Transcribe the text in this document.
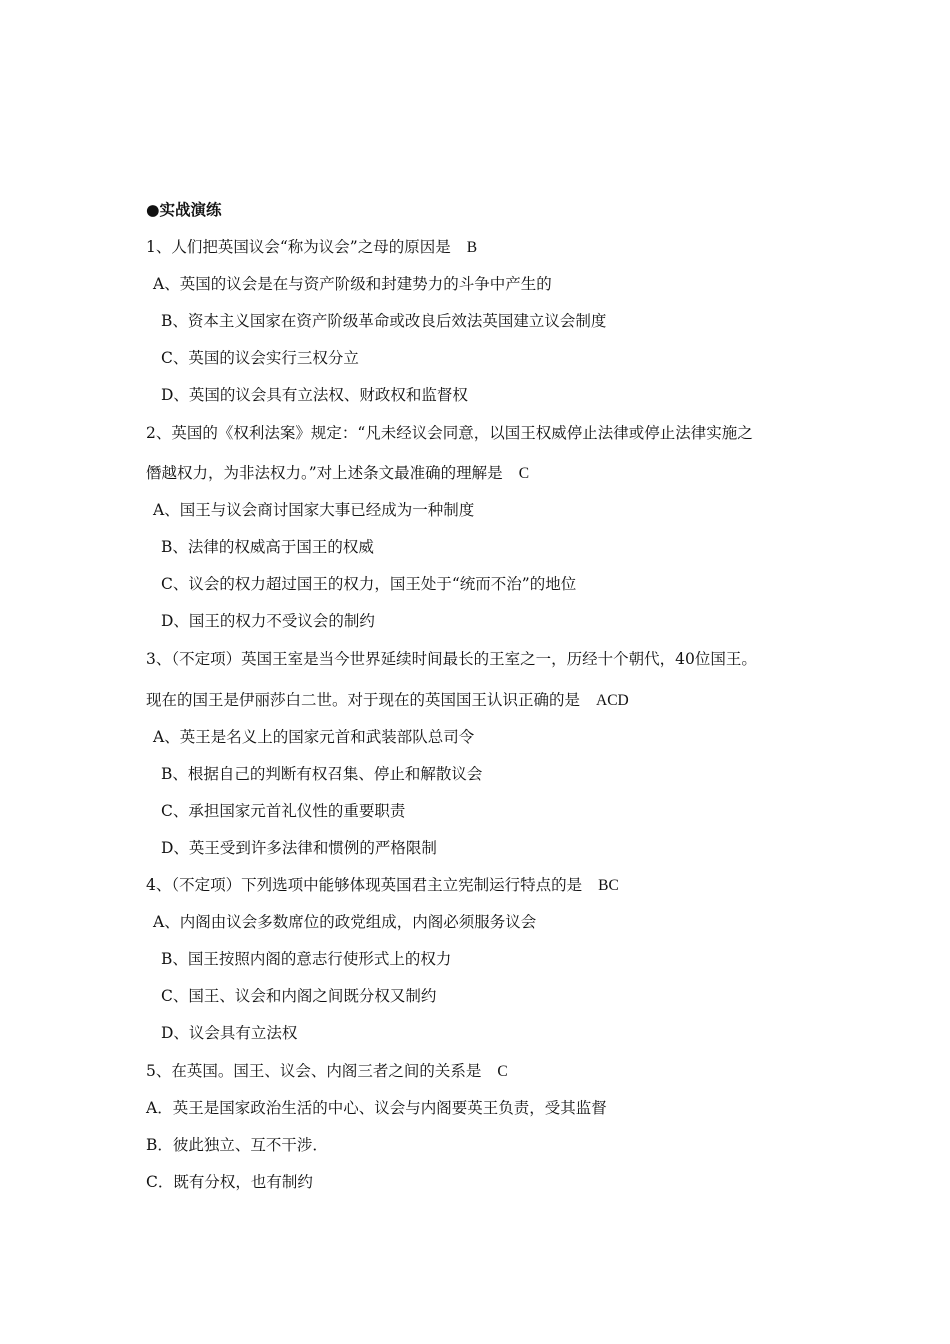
●实战演练
1、人们把英国议会“称为议会”之母的原因是 B
A、英国的议会是在与资产阶级和封建势力的斗争中产生的
B、资本主义国家在资产阶级革命或改良后效法英国建立议会制度
C、英国的议会实行三权分立
D、英国的议会具有立法权、财政权和监督权
2、英国的《权利法案》规定：“凡未经议会同意，以国王权威停止法律或停止法律实施之
僭越权力，为非法权力。”对上述条文最准确的理解是 C
A、国王与议会商讨国家大事已经成为一种制度
B、法律的权威高于国王的权威
C、议会的权力超过国王的权力，国王处于“统而不治”的地位
D、国王的权力不受议会的制约
3、（不定项）英国王室是当今世界延续时间最长的王室之一，历经十个朝代，40位国王。
现在的国王是伊丽莎白二世。对于现在的英国国王认识正确的是 ACD
A、英王是名义上的国家元首和武装部队总司令
B、根据自己的判断有权召集、停止和解散议会
C、承担国家元首礼仪性的重要职责
D、英王受到许多法律和惯例的严格限制
4、（不定项）下列选项中能够体现英国君主立宪制运行特点的是 BC
A、内阁由议会多数席位的政党组成，内阁必须服务议会
B、国王按照内阁的意志行使形式上的权力
C、国王、议会和内阁之间既分权又制约
D、议会具有立法权
5、在英国。国王、议会、内阁三者之间的关系是 C
A．英王是国家政治生活的中心、议会与内阁要英王负责，受其监督
B．彼此独立、互不干涉．
C．既有分权，也有制约
